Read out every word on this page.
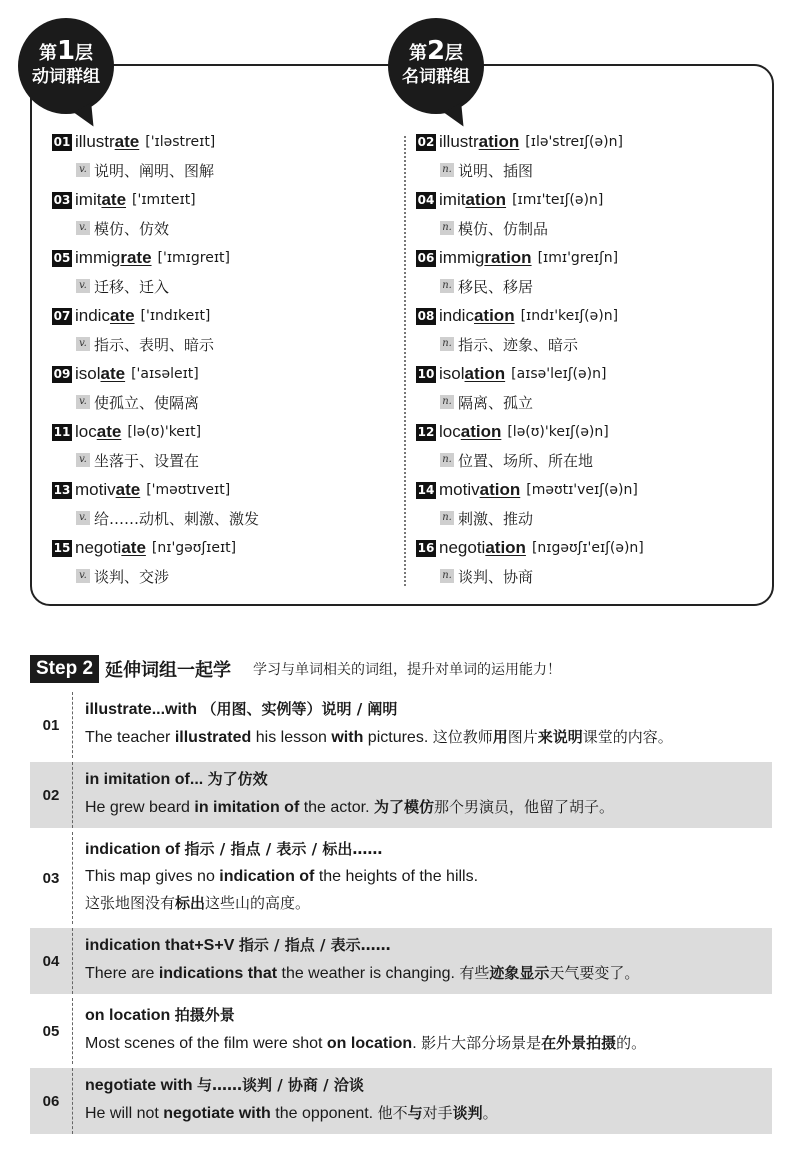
01 illustrate ['ɪləstreɪt]
v. 说明、阐明、图解
03 imitate ['ɪmɪteɪt]
v. 模仿、仿效
05 immigrate ['ɪmɪgreɪt]
v. 迁移、迁入
07 indicate ['ɪndɪkeɪt]
v. 指示、表明、暗示
09 isolate ['aɪsəleɪt]
v. 使孤立、使隔离
11 locate [lə(ʊ)'keɪt]
v. 坐落于、设置在
13 motivate ['məʊtɪveɪt]
v. 给……动机、刺激、激发
15 negotiate [nɪ'gəʊʃɪeɪt]
v. 谈判、交涉
02 illustration [ɪlə'streɪʃ(ə)n]
n. 说明、插图
04 imitation [ɪmɪ'teɪʃ(ə)n]
n. 模仿、仿制品
06 immigration [ɪmɪ'greɪʃn]
n. 移民、移居
08 indication [ɪndɪ'keɪʃ(ə)n]
n. 指示、迹象、暗示
10 isolation [aɪsə'leɪʃ(ə)n]
n. 隔离、孤立
12 location [lə(ʊ)'keɪʃ(ə)n]
n. 位置、场所、所在地
14 motivation [məʊtɪ'veɪʃ(ə)n]
n. 刺激、推动
16 negotiation [nɪgəʊʃɪ'eɪʃ(ə)n]
n. 谈判、协商
第1层
动词群组
第2层
名词群组
Step 2 延伸词组一起学 学习与单词相关的词组，提升对单词的运用能力！
01
illustrate...with （用图、实例等）说明 / 阐明
The teacher illustrated his lesson with pictures. 这位教师用图片来说明课堂的内容。
02
in imitation of... 为了仿效
He grew beard in imitation of the actor. 为了模仿那个男演员，他留了胡子。
03
indication of 指示 / 指点 / 表示 / 标出……
This map gives no indication of the heights of the hills.
这张地图没有标出这些山的高度。
04
indication that+S+V 指示 / 指点 / 表示……
There are indications that the weather is changing. 有些迹象显示天气要变了。
05
on location 拍摄外景
Most scenes of the film were shot on location. 影片大部分场景是在外景拍摄的。
06
negotiate with 与……谈判 / 协商 / 洽谈
He will not negotiate with the opponent. 他不与对手谈判。
